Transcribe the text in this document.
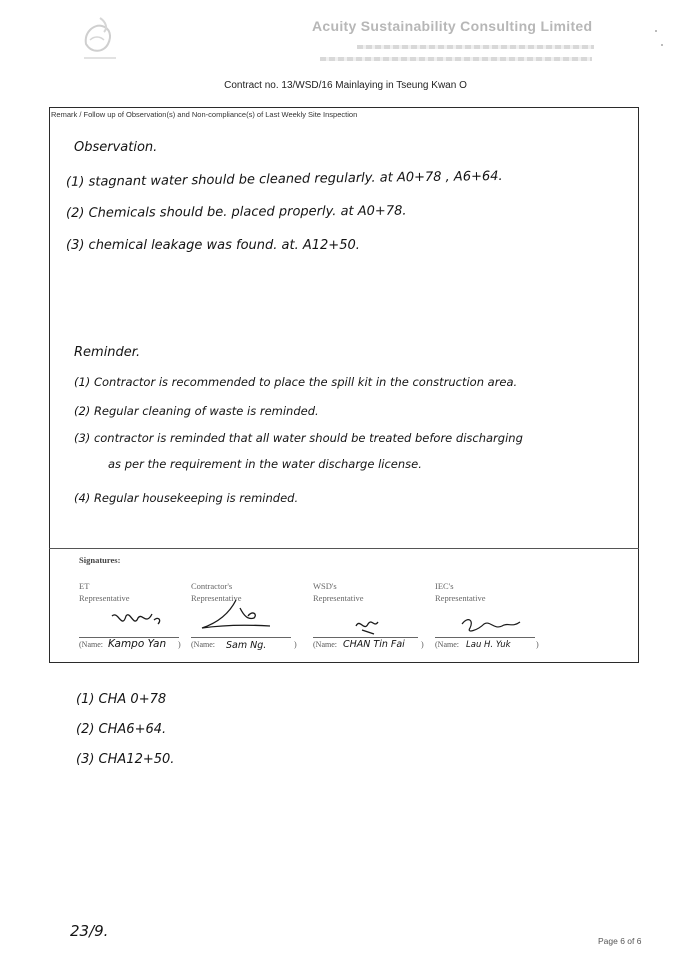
Acuity Sustainability Consulting Limited
Contract no. 13/WSD/16 Mainlaying in Tseung Kwan O
Remark / Follow up of Observation(s) and Non-compliance(s) of Last Weekly Site Inspection
Observation.
(1) stagnant water should be cleaned regularly. at A0+78 , A6+64.
(2) Chemicals should be. placed properly. at A0+78.
(3) chemical leakage was found. at. A12+50.
Reminder.
(1) Contractor is recommended to place the spill kit in the construction area.
(2) Regular cleaning of waste is reminded.
(3) contractor is reminded that all water should be treated before discharging
as per the requirement in the water discharge license.
(4) Regular housekeeping is reminded.
Signatures:
ET
Representative
(Name: Kampo Yan )
Contractor's
Representative
(Name: Sam Ng.	)
WSD's
Representative
(Name: CHAN Tin Fai )
IEC's
Representative
(Name: Lau H. Yuk	)
(1) CHA 0+78
(2) CHA6+64.
(3) CHA12+50.
23/9.
Page 6 of 6
